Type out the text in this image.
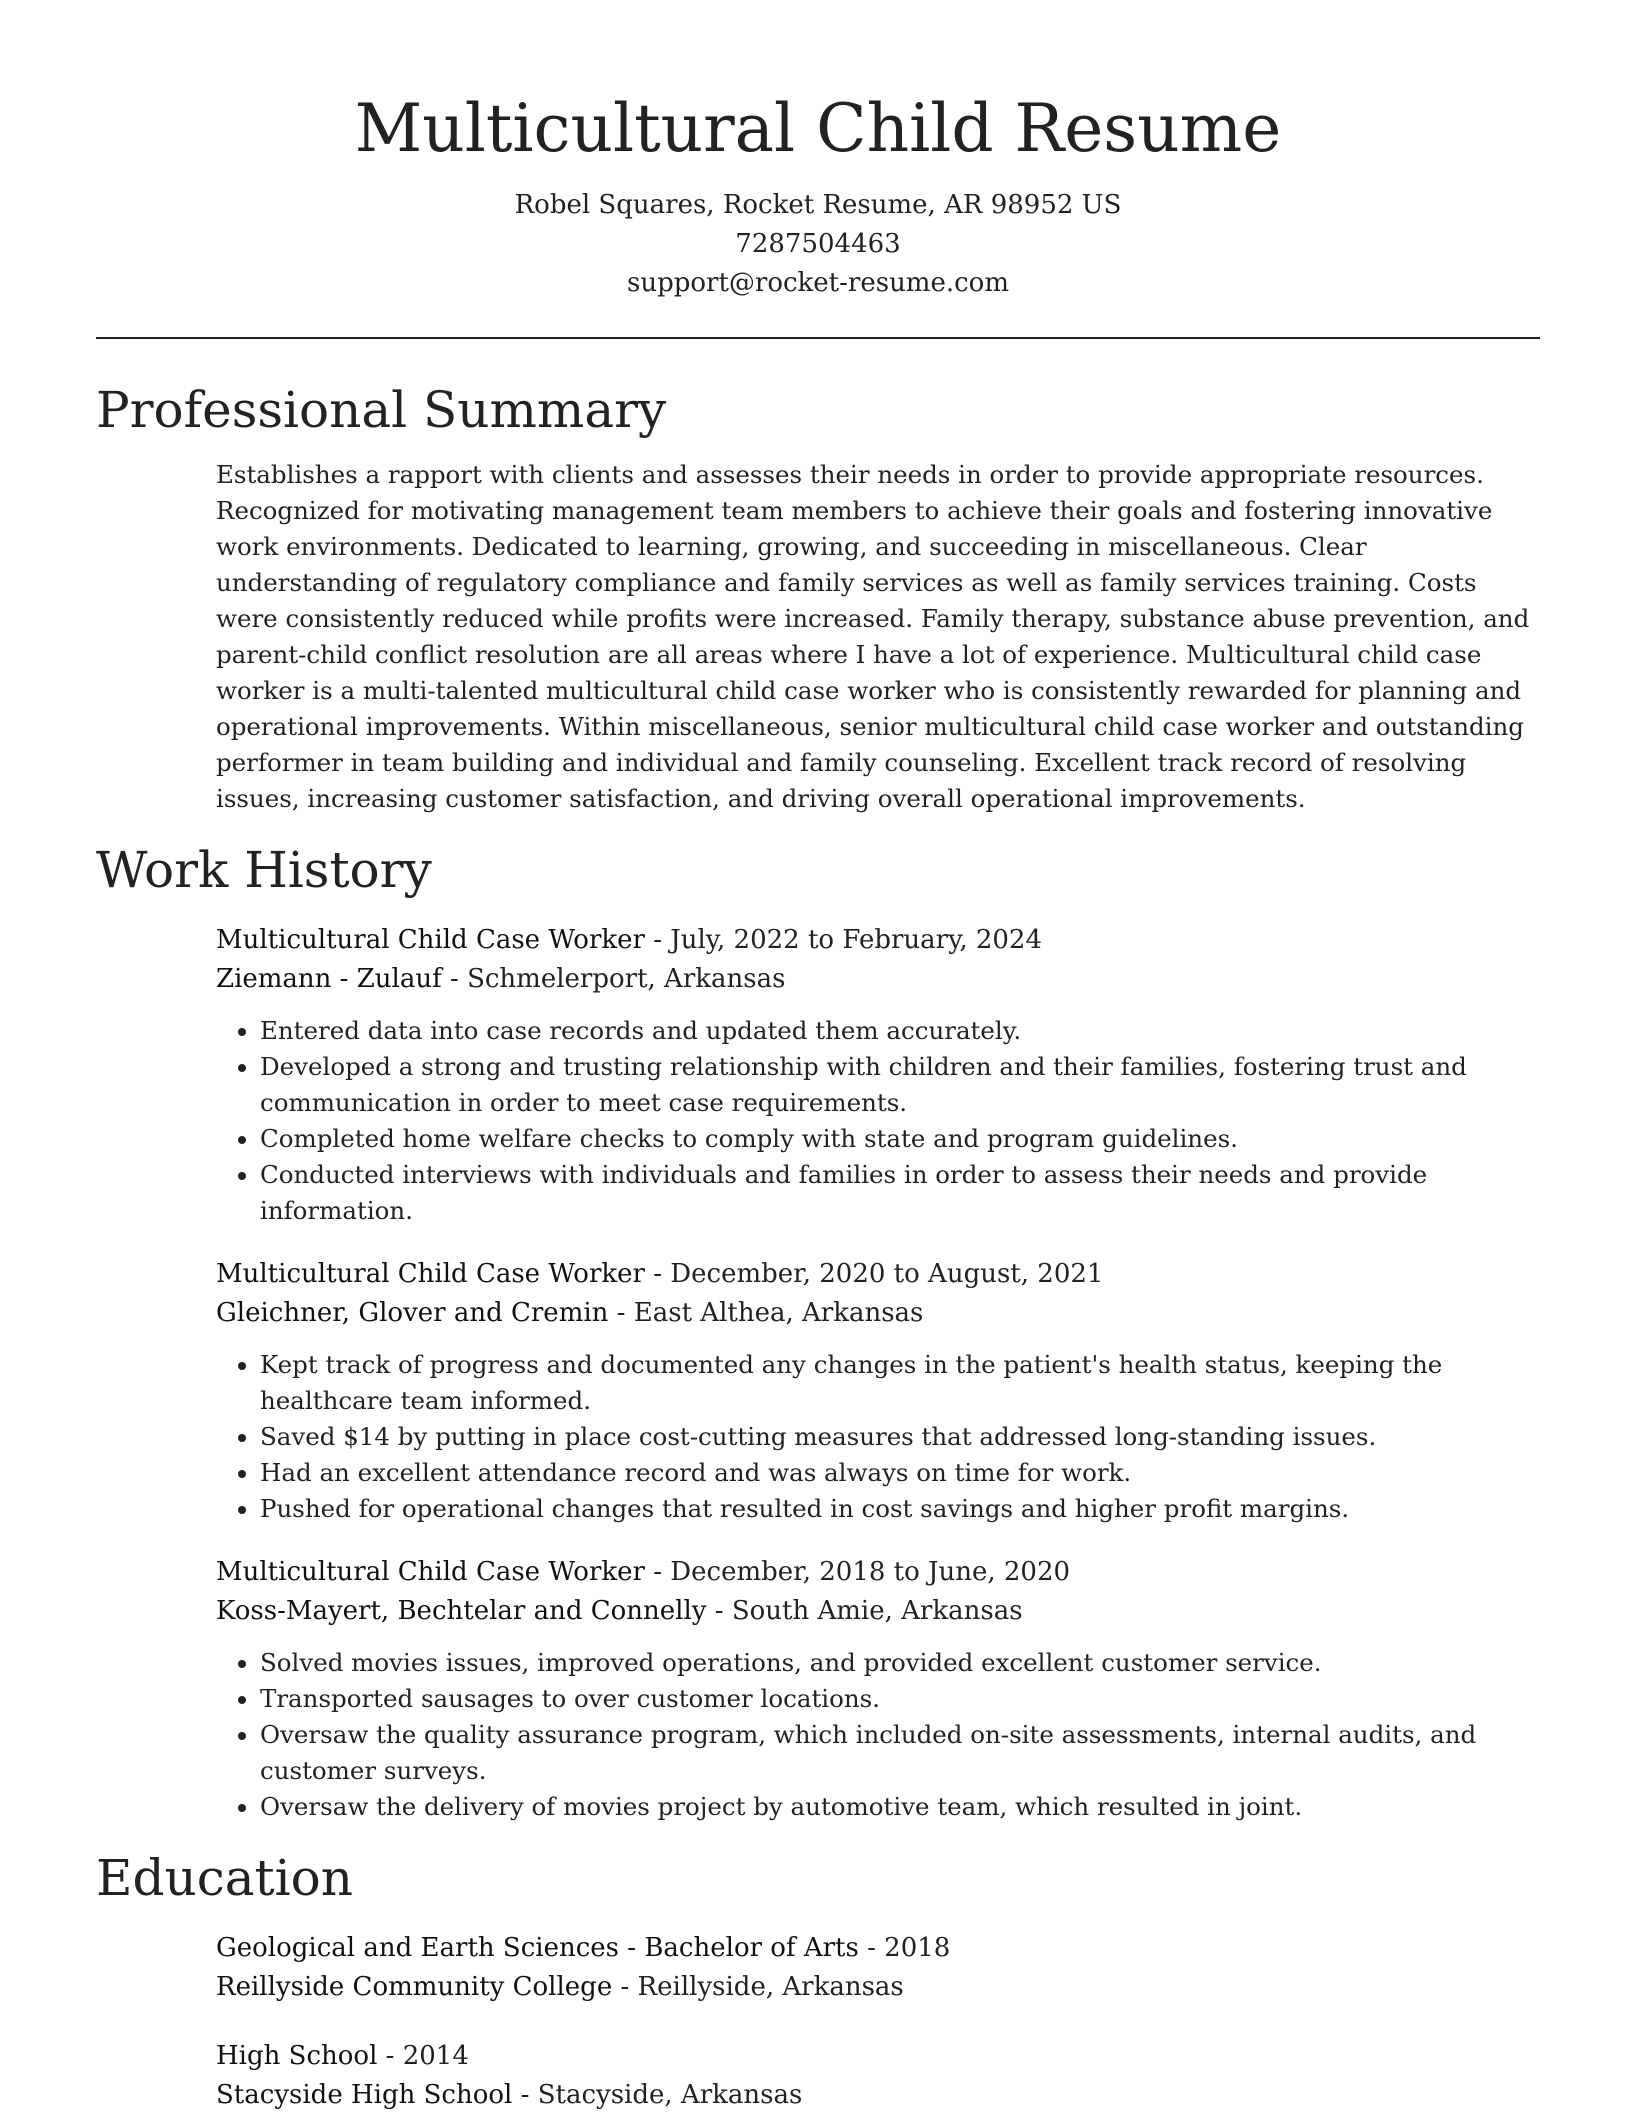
Multicultural Child Resume
Robel Squares, Rocket Resume, AR 98952 US
7287504463
support@rocket-resume.com
Professional Summary

Establishes a rapport with clients and assesses their needs in order to provide appropriate resources. Recognized for motivating management team members to achieve their goals and fostering innovative work environments. Dedicated to learning, growing, and succeeding in miscellaneous. Clear understanding of regulatory compliance and family services as well as family services training. Costs were consistently reduced while profits were increased. Family therapy, substance abuse prevention, and parent-child conflict resolution are all areas where I have a lot of experience. Multicultural child case worker is a multi-talented multicultural child case worker who is consistently rewarded for planning and operational improvements. Within miscellaneous, senior multicultural child case worker and outstanding performer in team building and individual and family counseling. Excellent track record of resolving issues, increasing customer satisfaction, and driving overall operational improvements.

Work History
Multicultural Child Case Worker - July, 2022 to February, 2024
Ziemann - Zulauf - Schmelerport, Arkansas
• Entered data into case records and updated them accurately.
• Developed a strong and trusting relationship with children and their families, fostering trust and communication in order to meet case requirements.
• Completed home welfare checks to comply with state and program guidelines.
• Conducted interviews with individuals and families in order to assess their needs and provide information.
Multicultural Child Case Worker - December, 2020 to August, 2021
Gleichner, Glover and Cremin - East Althea, Arkansas
• Kept track of progress and documented any changes in the patient's health status, keeping the healthcare team informed.
• Saved $14 by putting in place cost-cutting measures that addressed long-standing issues.
• Had an excellent attendance record and was always on time for work.
• Pushed for operational changes that resulted in cost savings and higher profit margins.
Multicultural Child Case Worker - December, 2018 to June, 2020
Koss-Mayert, Bechtelar and Connelly - South Amie, Arkansas
• Solved movies issues, improved operations, and provided excellent customer service.
• Transported sausages to over customer locations.
• Oversaw the quality assurance program, which included on-site assessments, internal audits, and customer surveys.
• Oversaw the delivery of movies project by automotive team, which resulted in joint.
Education
Geological and Earth Sciences - Bachelor of Arts - 2018
Reillyside Community College - Reillyside, Arkansas
High School - 2014
Stacyside High School - Stacyside, Arkansas
